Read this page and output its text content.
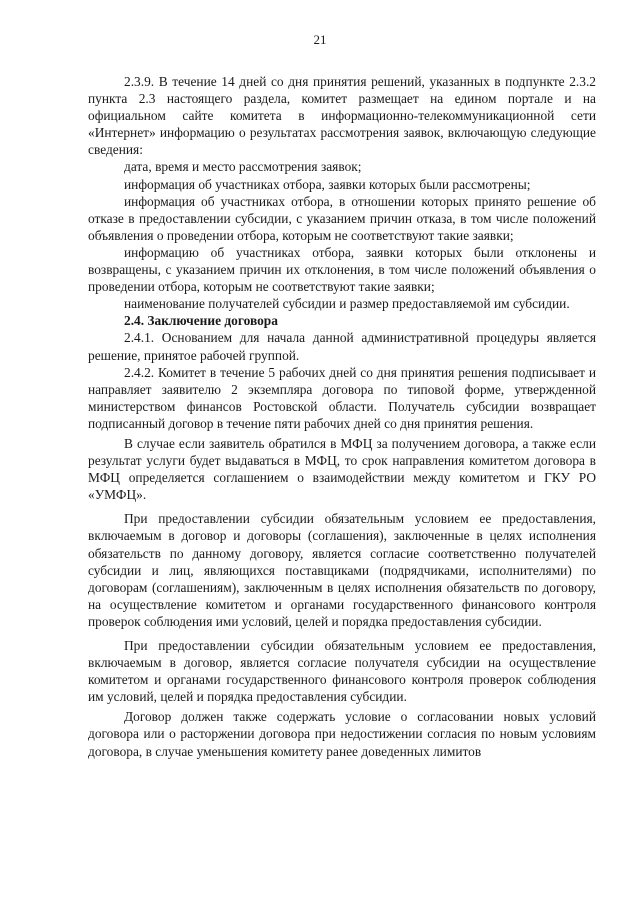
21

2.3.9. В течение 14 дней со дня принятия решений, указанных в подпункте 2.3.2 пункта 2.3 настоящего раздела, комитет размещает на едином портале и на официальном сайте комитета в информационно-телекоммуникационной сети «Интернет» информацию о результатах рассмотрения заявок, включающую следующие сведения:

дата, время и место рассмотрения заявок;

информация об участниках отбора, заявки которых были рассмотрены;

информация об участниках отбора, в отношении которых принято решение об отказе в предоставлении субсидии, с указанием причин отказа, в том числе положений объявления о проведении отбора, которым не соответствуют такие заявки;

информацию об участниках отбора, заявки которых были отклонены и возвращены, с указанием причин их отклонения, в том числе положений объявления о проведении отбора, которым не соответствуют такие заявки;

наименование получателей субсидии и размер предоставляемой им субсидии.

2.4. Заключение договора

2.4.1. Основанием для начала данной административной процедуры является решение, принятое рабочей группой.

2.4.2. Комитет в течение 5 рабочих дней со дня принятия решения подписывает и направляет заявителю 2 экземпляра договора по типовой форме, утвержденной министерством финансов Ростовской области. Получатель субсидии возвращает подписанный договор в течение пяти рабочих дней со дня принятия решения.

В случае если заявитель обратился в МФЦ за получением договора, а также если результат услуги будет выдаваться в МФЦ, то срок направления комитетом договора в МФЦ определяется соглашением о взаимодействии между комитетом и ГКУ РО «УМФЦ».

При предоставлении субсидии обязательным условием ее предоставления, включаемым в договор и договоры (соглашения), заключенные в целях исполнения обязательств по данному договору, является согласие соответственно получателей субсидии и лиц, являющихся поставщиками (подрядчиками, исполнителями) по договорам (соглашениям), заключенным в целях исполнения обязательств по договору, на осуществление комитетом и органами государственного финансового контроля проверок соблюдения ими условий, целей и порядка предоставления субсидии.

При предоставлении субсидии обязательным условием ее предоставления, включаемым в договор, является согласие получателя субсидии на осуществление комитетом и органами государственного финансового контроля проверок соблюдения им условий, целей и порядка предоставления субсидии.

Договор должен также содержать условие о согласовании новых условий договора или о расторжении договора при недостижении согласия по новым условиям договора, в случае уменьшения комитету ранее доведенных лимитов
